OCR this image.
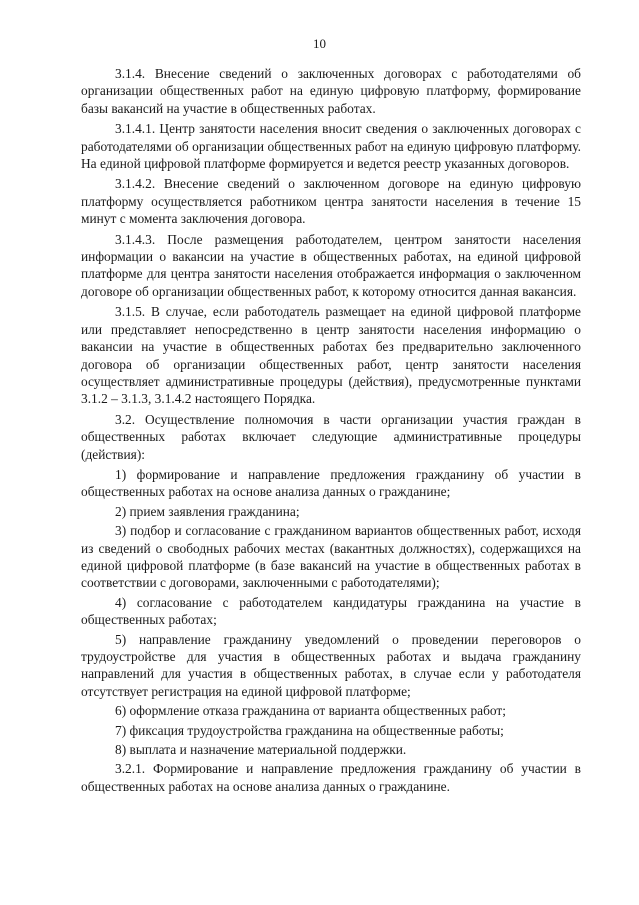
10

3.1.4. Внесение сведений о заключенных договорах с работодателями об организации общественных работ на единую цифровую платформу, формирование базы вакансий на участие в общественных работах.

3.1.4.1. Центр занятости населения вносит сведения о заключенных договорах с работодателями об организации общественных работ на единую цифровую платформу. На единой цифровой платформе формируется и ведется реестр указанных договоров.

3.1.4.2. Внесение сведений о заключенном договоре на единую цифровую платформу осуществляется работником центра занятости населения в течение 15 минут с момента заключения договора.

3.1.4.3. После размещения работодателем, центром занятости населения информации о вакансии на участие в общественных работах, на единой цифровой платформе для центра занятости населения отображается информация о заключенном договоре об организации общественных работ, к которому относится данная вакансия.

3.1.5. В случае, если работодатель размещает на единой цифровой платформе или представляет непосредственно в центр занятости населения информацию о вакансии на участие в общественных работах без предварительно заключенного договора об организации общественных работ, центр занятости населения осуществляет административные процедуры (действия), предусмотренные пунктами 3.1.2 – 3.1.3, 3.1.4.2 настоящего Порядка.

3.2. Осуществление полномочия в части организации участия граждан в общественных работах включает следующие административные процедуры (действия):

1) формирование и направление предложения гражданину об участии в общественных работах на основе анализа данных о гражданине;

2) прием заявления гражданина;

3) подбор и согласование с гражданином вариантов общественных работ, исходя из сведений о свободных рабочих местах (вакантных должностях), содержащихся на единой цифровой платформе (в базе вакансий на участие в общественных работах в соответствии с договорами, заключенными с работодателями);

4) согласование с работодателем кандидатуры гражданина на участие в общественных работах;

5) направление гражданину уведомлений о проведении переговоров о трудоустройстве для участия в общественных работах и выдача гражданину направлений для участия в общественных работах, в случае если у работодателя отсутствует регистрация на единой цифровой платформе;

6) оформление отказа гражданина от варианта общественных работ;

7) фиксация трудоустройства гражданина на общественные работы;

8) выплата и назначение материальной поддержки.

3.2.1. Формирование и направление предложения гражданину об участии в общественных работах на основе анализа данных о гражданине.
